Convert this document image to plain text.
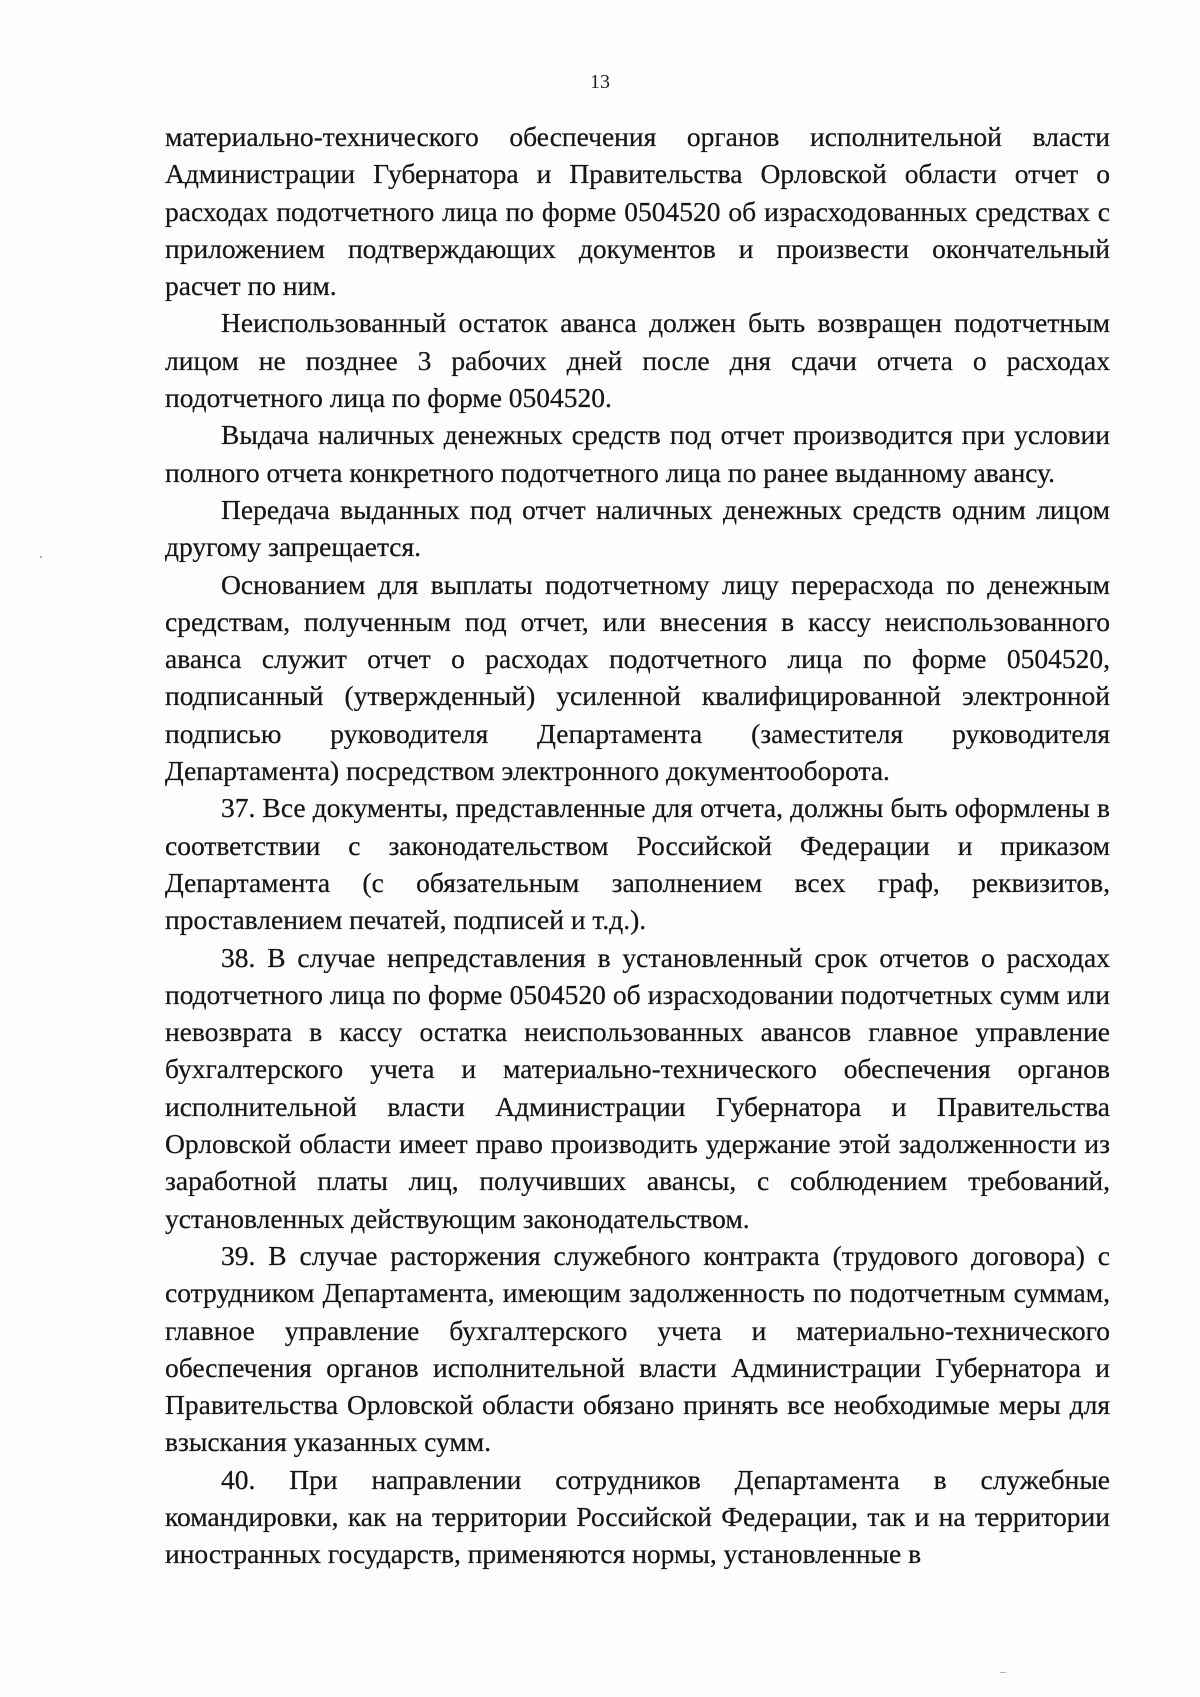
13

материально-технического обеспечения органов исполнительной власти Администрации Губернатора и Правительства Орловской области отчет о расходах подотчетного лица по форме 0504520 об израсходованных средствах с приложением подтверждающих документов и произвести окончательный расчет по ним.

Неиспользованный остаток аванса должен быть возвращен подотчетным лицом не позднее 3 рабочих дней после дня сдачи отчета о расходах подотчетного лица по форме 0504520.

Выдача наличных денежных средств под отчет производится при условии полного отчета конкретного подотчетного лица по ранее выданному авансу.

Передача выданных под отчет наличных денежных средств одним лицом другому запрещается.

Основанием для выплаты подотчетному лицу перерасхода по денежным средствам, полученным под отчет, или внесения в кассу неиспользованного аванса служит отчет о расходах подотчетного лица по форме 0504520, подписанный (утвержденный) усиленной квалифицированной электронной подписью руководителя Департамента (заместителя руководителя Департамента) посредством электронного документооборота.

37. Все документы, представленные для отчета, должны быть оформлены в соответствии с законодательством Российской Федерации и приказом Департамента (с обязательным заполнением всех граф, реквизитов, проставлением печатей, подписей и т.д.).

38. В случае непредставления в установленный срок отчетов о расходах подотчетного лица по форме 0504520 об израсходовании подотчетных сумм или невозврата в кассу остатка неиспользованных авансов главное управление бухгалтерского учета и материально-технического обеспечения органов исполнительной власти Администрации Губернатора и Правительства Орловской области имеет право производить удержание этой задолженности из заработной платы лиц, получивших авансы, с соблюдением требований, установленных действующим законодательством.

39. В случае расторжения служебного контракта (трудового договора) с сотрудником Департамента, имеющим задолженность по подотчетным суммам, главное управление бухгалтерского учета и материально-технического обеспечения органов исполнительной власти Администрации Губернатора и Правительства Орловской области обязано принять все необходимые меры для взыскания указанных сумм.

40. При направлении сотрудников Департамента в служебные командировки, как на территории Российской Федерации, так и на территории иностранных государств, применяются нормы, установленные в
